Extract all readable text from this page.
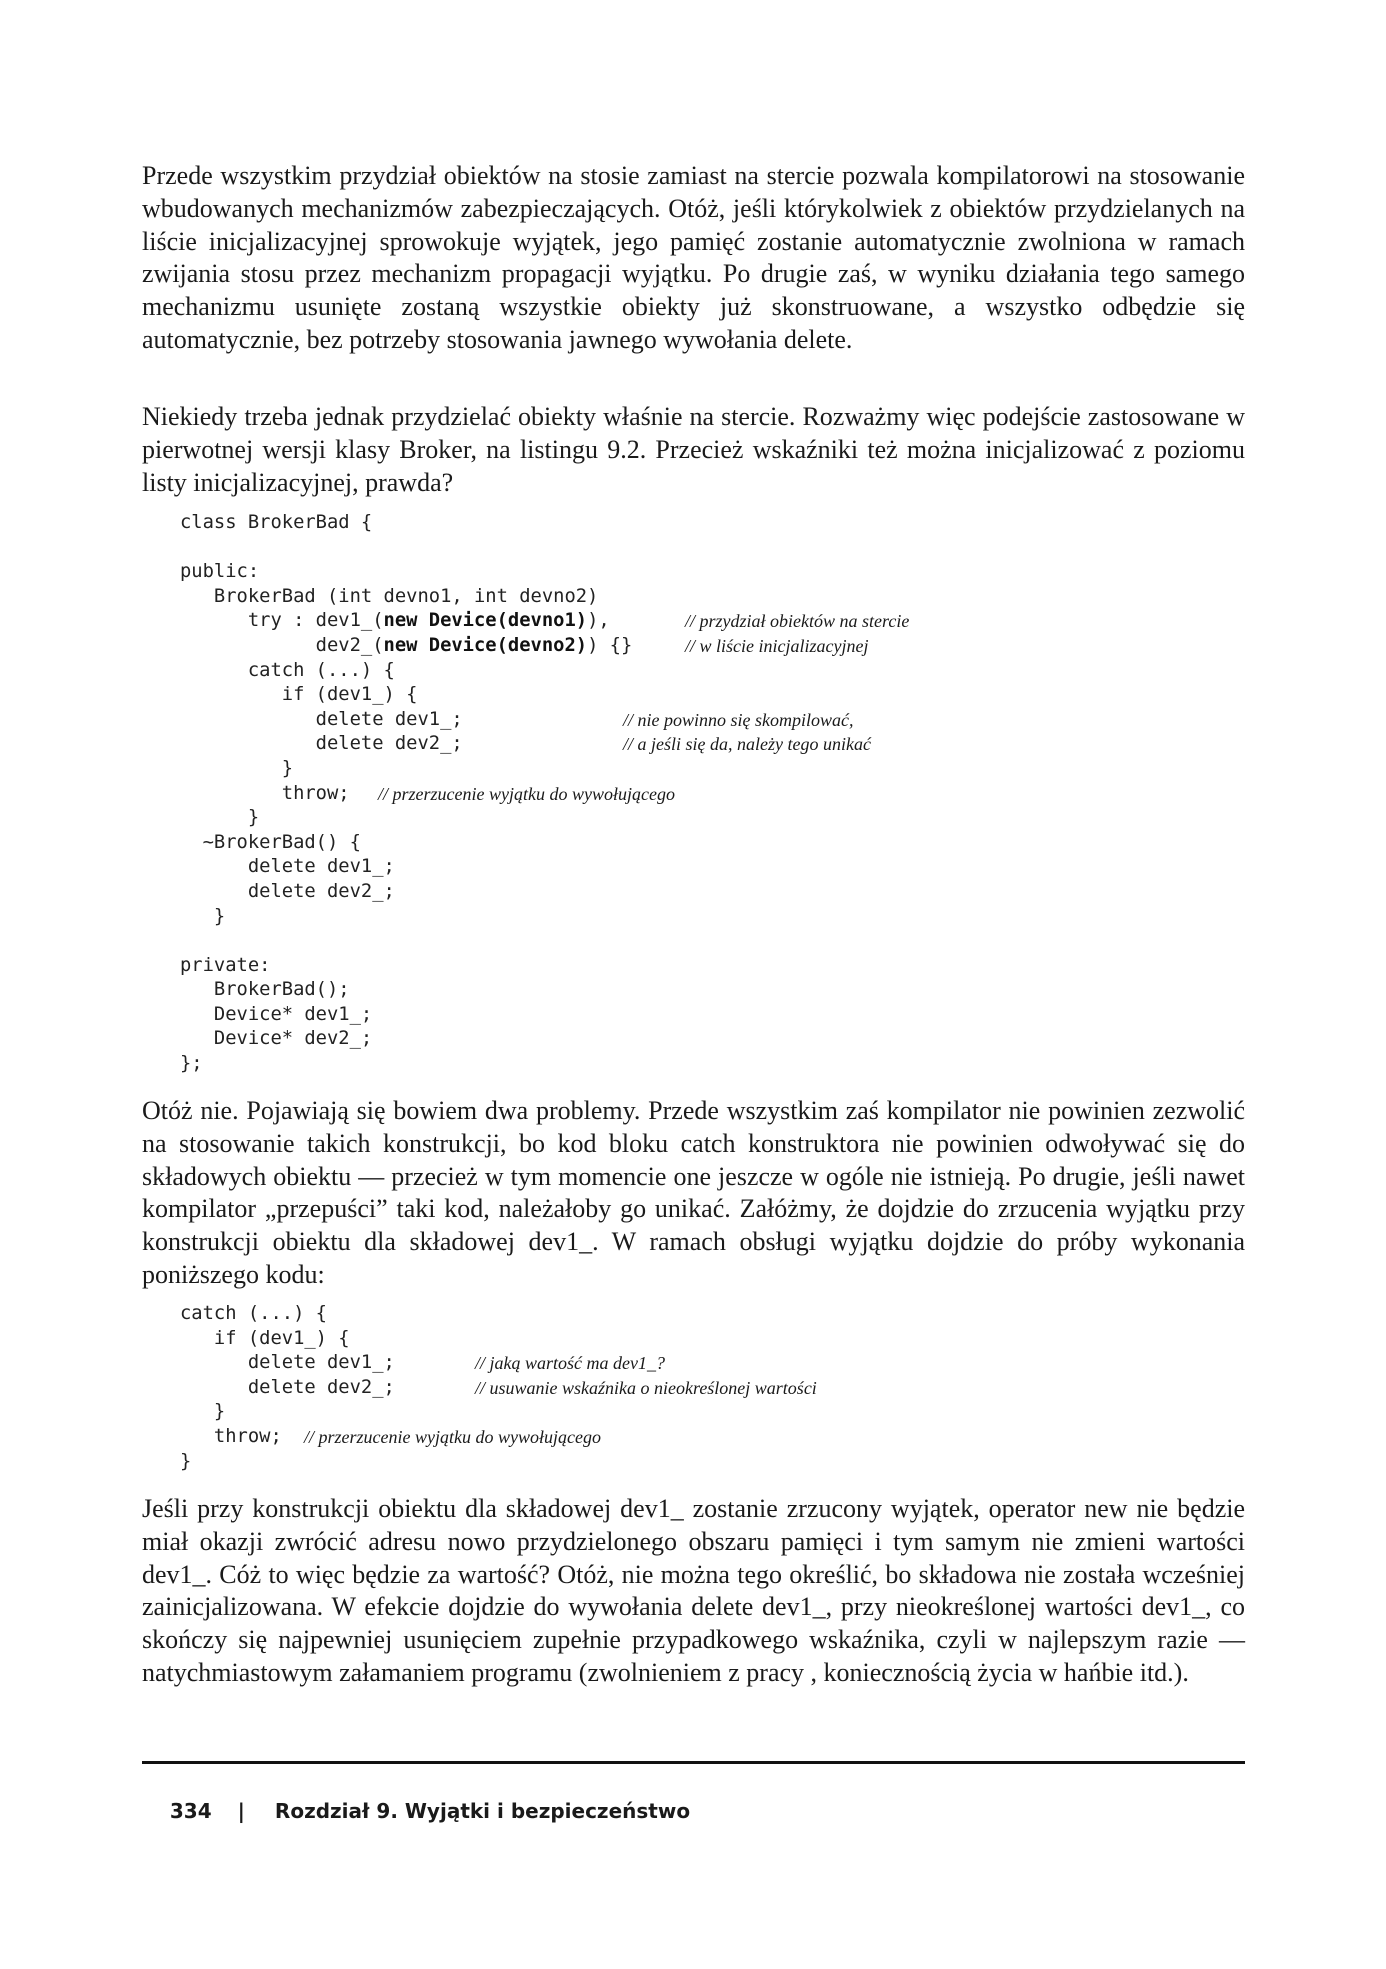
Przede wszystkim przydział obiektów na stosie zamiast na stercie pozwala kompilatorowi na stosowanie wbudowanych mechanizmów zabezpieczających. Otóż, jeśli którykolwiek z obiektów przydzielanych na liście inicjalizacyjnej sprowokuje wyjątek, jego pamięć zostanie automatycznie zwolniona w ramach zwijania stosu przez mechanizm propagacji wyjątku. Po drugie zaś, w wyniku działania tego samego mechanizmu usunięte zostaną wszystkie obiekty już skonstruowane, a wszystko odbędzie się automatycznie, bez potrzeby stosowania jawnego wywołania delete.

Niekiedy trzeba jednak przydzielać obiekty właśnie na stercie. Rozważmy więc podejście zastosowane w pierwotnej wersji klasy Broker, na listingu 9.2. Przecież wskaźniki też można inicjalizować z poziomu listy inicjalizacyjnej, prawda?

class BrokerBad {
public:
BrokerBad (int devno1, int devno2)
try : dev1_(new Device(devno1)),	// przydział obiektów na stercie
dev2_(new Device(devno2)) {}	// w liście inicjalizacyjnej
catch (...) {
if (dev1_) {
delete dev1_;	// nie powinno się skompilować,
delete dev2_;	// a jeśli się da, należy tego unikać
}
throw; // przerzucenie wyjątku do wywołującego
}
~BrokerBad() {
delete dev1_;
delete dev2_;
}
private:
BrokerBad();
Device* dev1_;
Device* dev2_;
};

Otóż nie. Pojawiają się bowiem dwa problemy. Przede wszystkim zaś kompilator nie powinien zezwolić na stosowanie takich konstrukcji, bo kod bloku catch konstruktora nie powinien odwoływać się do składowych obiektu — przecież w tym momencie one jeszcze w ogóle nie istnieją. Po drugie, jeśli nawet kompilator „przepuści” taki kod, należałoby go unikać. Załóżmy, że dojdzie do zrzucenia wyjątku przy konstrukcji obiektu dla składowej dev1_. W ramach obsługi wyjątku dojdzie do próby wykonania poniższego kodu:

catch (...) {
if (dev1_) {
delete dev1_;	// jaką wartość ma dev1_?
delete dev2_;	// usuwanie wskaźnika o nieokreślonej wartości
}
throw; // przerzucenie wyjątku do wywołującego
}

Jeśli przy konstrukcji obiektu dla składowej dev1_ zostanie zrzucony wyjątek, operator new nie będzie miał okazji zwrócić adresu nowo przydzielonego obszaru pamięci i tym samym nie zmieni wartości dev1_. Cóż to więc będzie za wartość? Otóż, nie można tego określić, bo składowa nie została wcześniej zainicjalizowana. W efekcie dojdzie do wywołania delete dev1_, przy nieokreślonej wartości dev1_, co skończy się najpewniej usunięciem zupełnie przypadkowego wskaźnika, czyli w najlepszym razie — natychmiastowym załamaniem programu (zwolnieniem z pracy , koniecznością życia w hańbie itd.).

334 | Rozdział 9. Wyjątki i bezpieczeństwo
